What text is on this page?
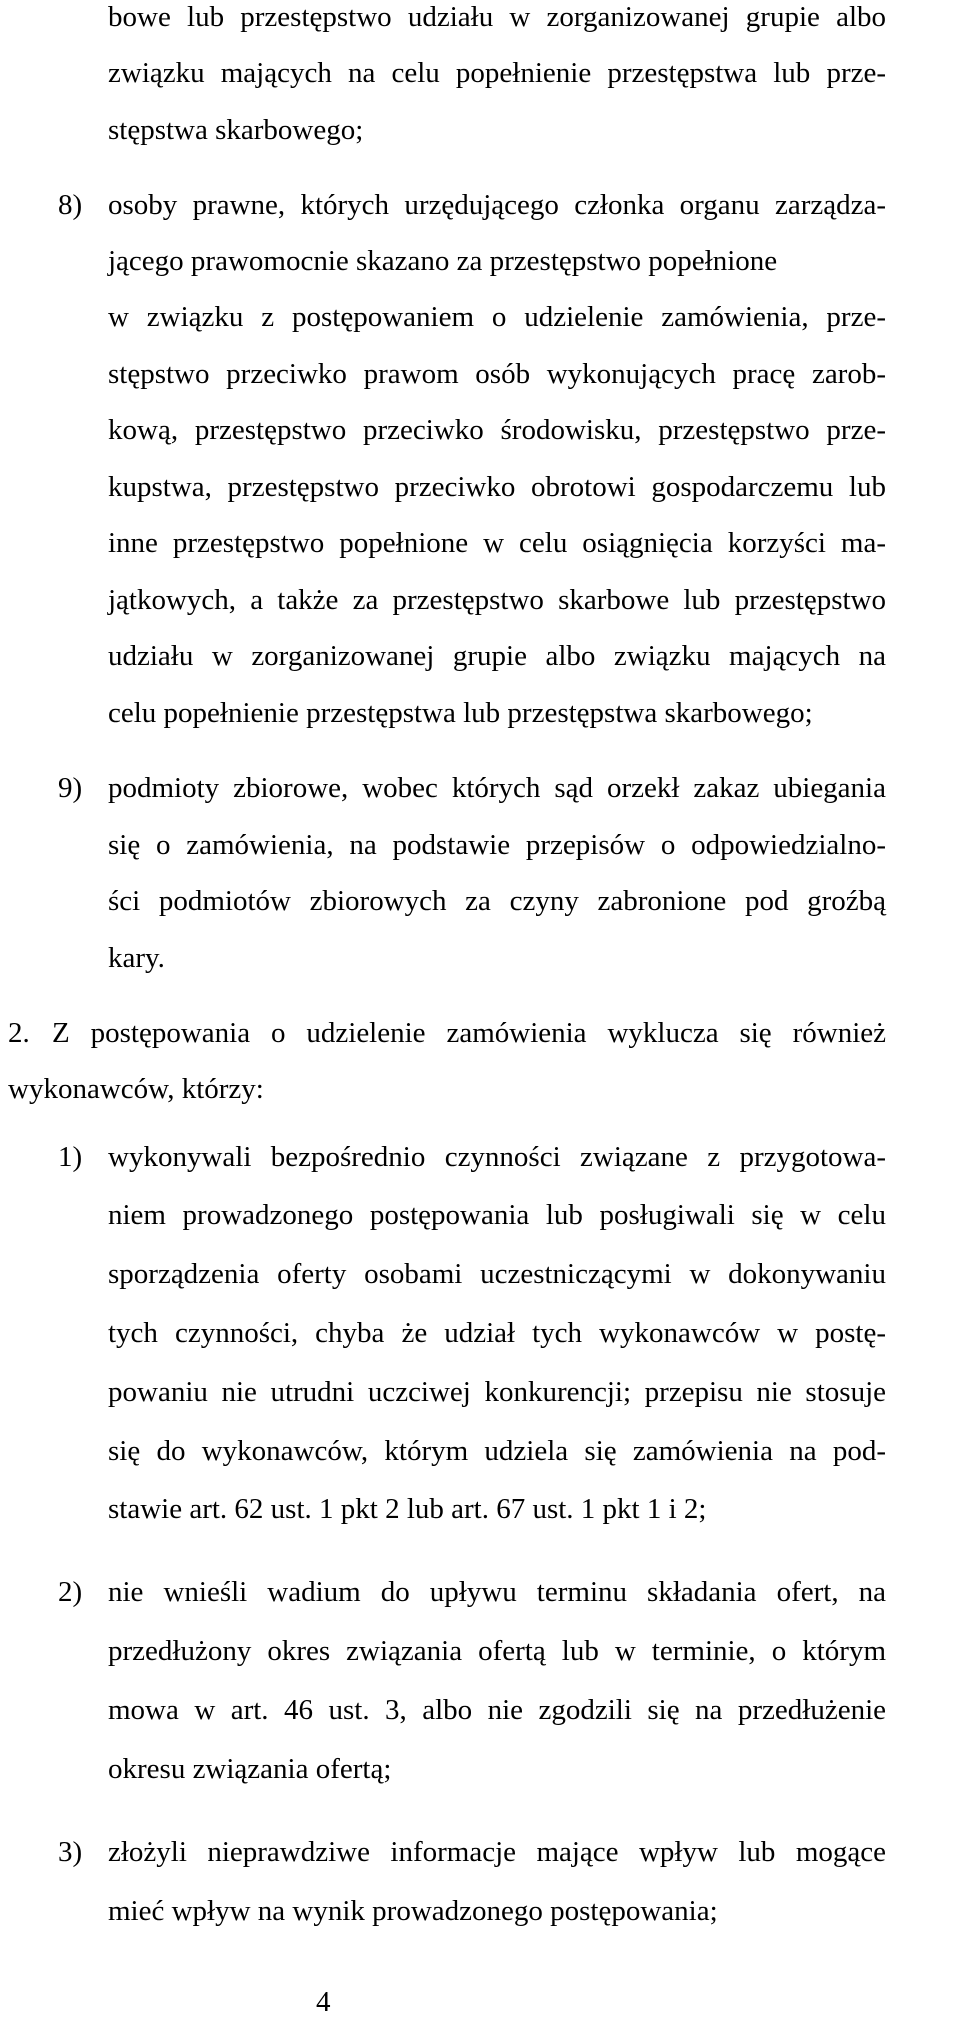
bowe lub przestępstwo udziału w zorganizowanej grupie albo
związku mających na celu popełnienie przestępstwa lub prze-
stępstwa skarbowego;
8) osoby prawne, których urzędującego członka organu zarządza-
jącego prawomocnie skazano za przestępstwo popełnione
w związku z postępowaniem o udzielenie zamówienia, prze-
stępstwo przeciwko prawom osób wykonujących pracę zarob-
kową, przestępstwo przeciwko środowisku, przestępstwo prze-
kupstwa, przestępstwo przeciwko obrotowi gospodarczemu lub
inne przestępstwo popełnione w celu osiągnięcia korzyści ma-
jątkowych, a także za przestępstwo skarbowe lub przestępstwo
udziału w zorganizowanej grupie albo związku mających na
celu popełnienie przestępstwa lub przestępstwa skarbowego;
9) podmioty zbiorowe, wobec których sąd orzekł zakaz ubiegania
się o zamówienia, na podstawie przepisów o odpowiedzialno-
ści podmiotów zbiorowych za czyny zabronione pod groźbą
kary.
2. Z postępowania o udzielenie zamówienia wyklucza się również
wykonawców, którzy:
1) wykonywali bezpośrednio czynności związane z przygotowa-
niem prowadzonego postępowania lub posługiwali się w celu
sporządzenia oferty osobami uczestniczącymi w dokonywaniu
tych czynności, chyba że udział tych wykonawców w postę-
powaniu nie utrudni uczciwej konkurencji; przepisu nie stosuje
się do wykonawców, którym udziela się zamówienia na pod-
stawie art. 62 ust. 1 pkt 2 lub art. 67 ust. 1 pkt 1 i 2;
2) nie wnieśli wadium do upływu terminu składania ofert, na
przedłużony okres związania ofertą lub w terminie, o którym
mowa w art. 46 ust. 3, albo nie zgodzili się na przedłużenie
okresu związania ofertą;
3) złożyli nieprawdziwe informacje mające wpływ lub mogące
mieć wpływ na wynik prowadzonego postępowania;
4
